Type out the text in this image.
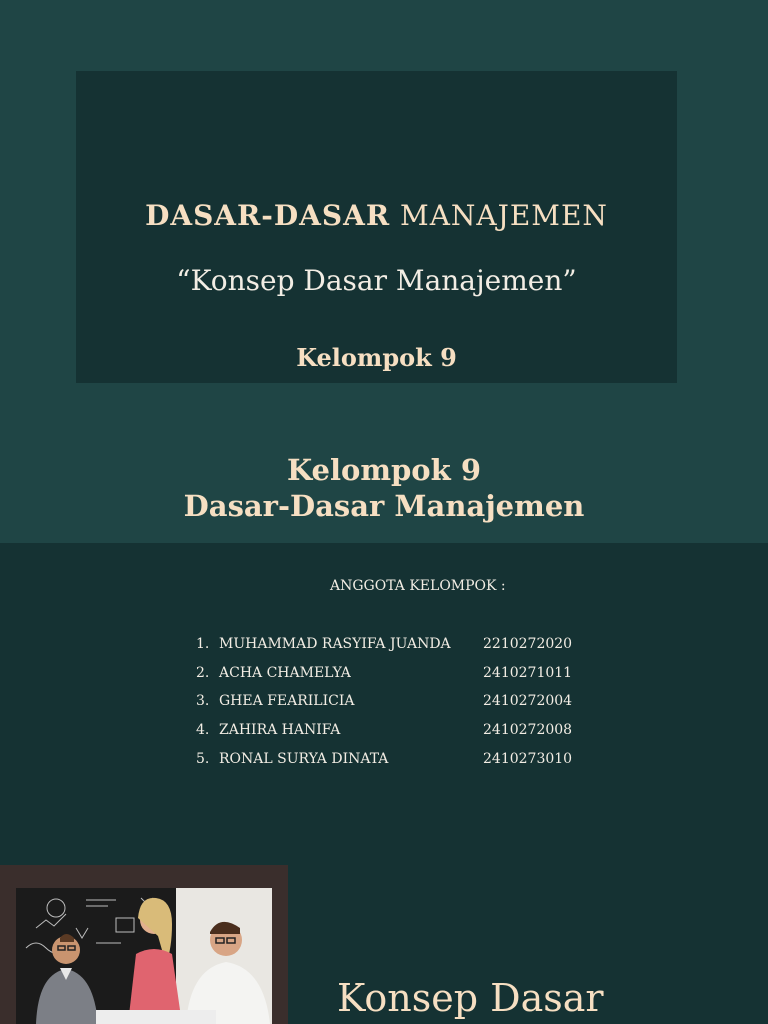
DASAR-DASAR MANAJEMEN

“Konsep Dasar Manajemen”

Kelompok 9

Kelompok 9
Dasar-Dasar Manajemen

ANGGOTA KELOMPOK :

1. MUHAMMAD RASYIFA JUANDA 2210272020
2. ACHA CHAMELYA	2410271011
3. GHEA FEARILICIA	2410272004
4. ZAHIRA HANIFA	2410272008
5. RONAL SURYA DINATA	2410273010
Konsep Dasar
